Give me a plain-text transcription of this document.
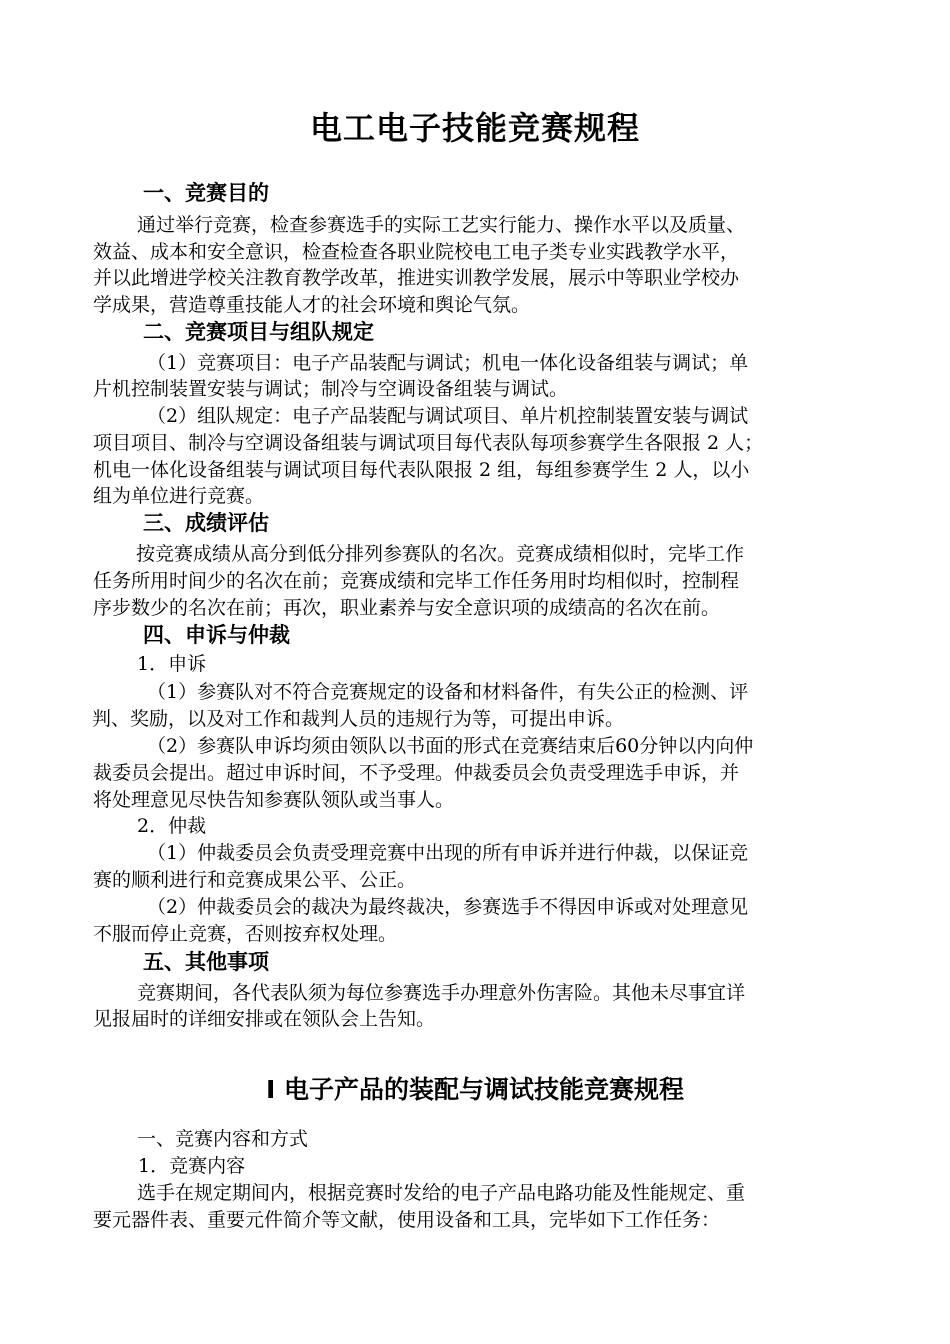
电工电子技能竞赛规程
一、竞赛目的
通过举行竞赛，检查参赛选手的实际工艺实行能力、操作水平以及质量、
效益、成本和安全意识，检查检查各职业院校电工电子类专业实践教学水平，
并以此增进学校关注教育教学改革，推进实训教学发展，展示中等职业学校办
学成果，营造尊重技能人才的社会环境和舆论气氛。
二、竞赛项目与组队规定
（1）竞赛项目：电子产品装配与调试；机电一体化设备组装与调试；单
片机控制装置安装与调试；制冷与空调设备组装与调试。
（2）组队规定：电子产品装配与调试项目、单片机控制装置安装与调试
项目项目、制冷与空调设备组装与调试项目每代表队每项参赛学生各限报 2 人；
机电一体化设备组装与调试项目每代表队限报 2 组，每组参赛学生 2 人，以小
组为单位进行竞赛。
三、成绩评估
按竞赛成绩从高分到低分排列参赛队的名次。竞赛成绩相似时，完毕工作
任务所用时间少的名次在前；竞赛成绩和完毕工作任务用时均相似时，控制程
序步数少的名次在前；再次，职业素养与安全意识项的成绩高的名次在前。
四、申诉与仲裁
1．申诉
（1）参赛队对不符合竞赛规定的设备和材料备件，有失公正的检测、评
判、奖励，以及对工作和裁判人员的违规行为等，可提出申诉。
（2）参赛队申诉均须由领队以书面的形式在竞赛结束后60分钟以内向仲
裁委员会提出。超过申诉时间，不予受理。仲裁委员会负责受理选手申诉，并
将处理意见尽快告知参赛队领队或当事人。
2．仲裁
（1）仲裁委员会负责受理竞赛中出现的所有申诉并进行仲裁，以保证竞
赛的顺利进行和竞赛成果公平、公正。
（2）仲裁委员会的裁决为最终裁决，参赛选手不得因申诉或对处理意见
不服而停止竞赛，否则按弃权处理。
五、其他事项
竞赛期间，各代表队须为每位参赛选手办理意外伤害险。其他未尽事宜详
见报届时的详细安排或在领队会上告知。
Ⅰ 电子产品的装配与调试技能竞赛规程
一、竞赛内容和方式
1．竞赛内容
选手在规定期间内，根据竞赛时发给的电子产品电路功能及性能规定、重
要元器件表、重要元件简介等文献，使用设备和工具，完毕如下工作任务：
